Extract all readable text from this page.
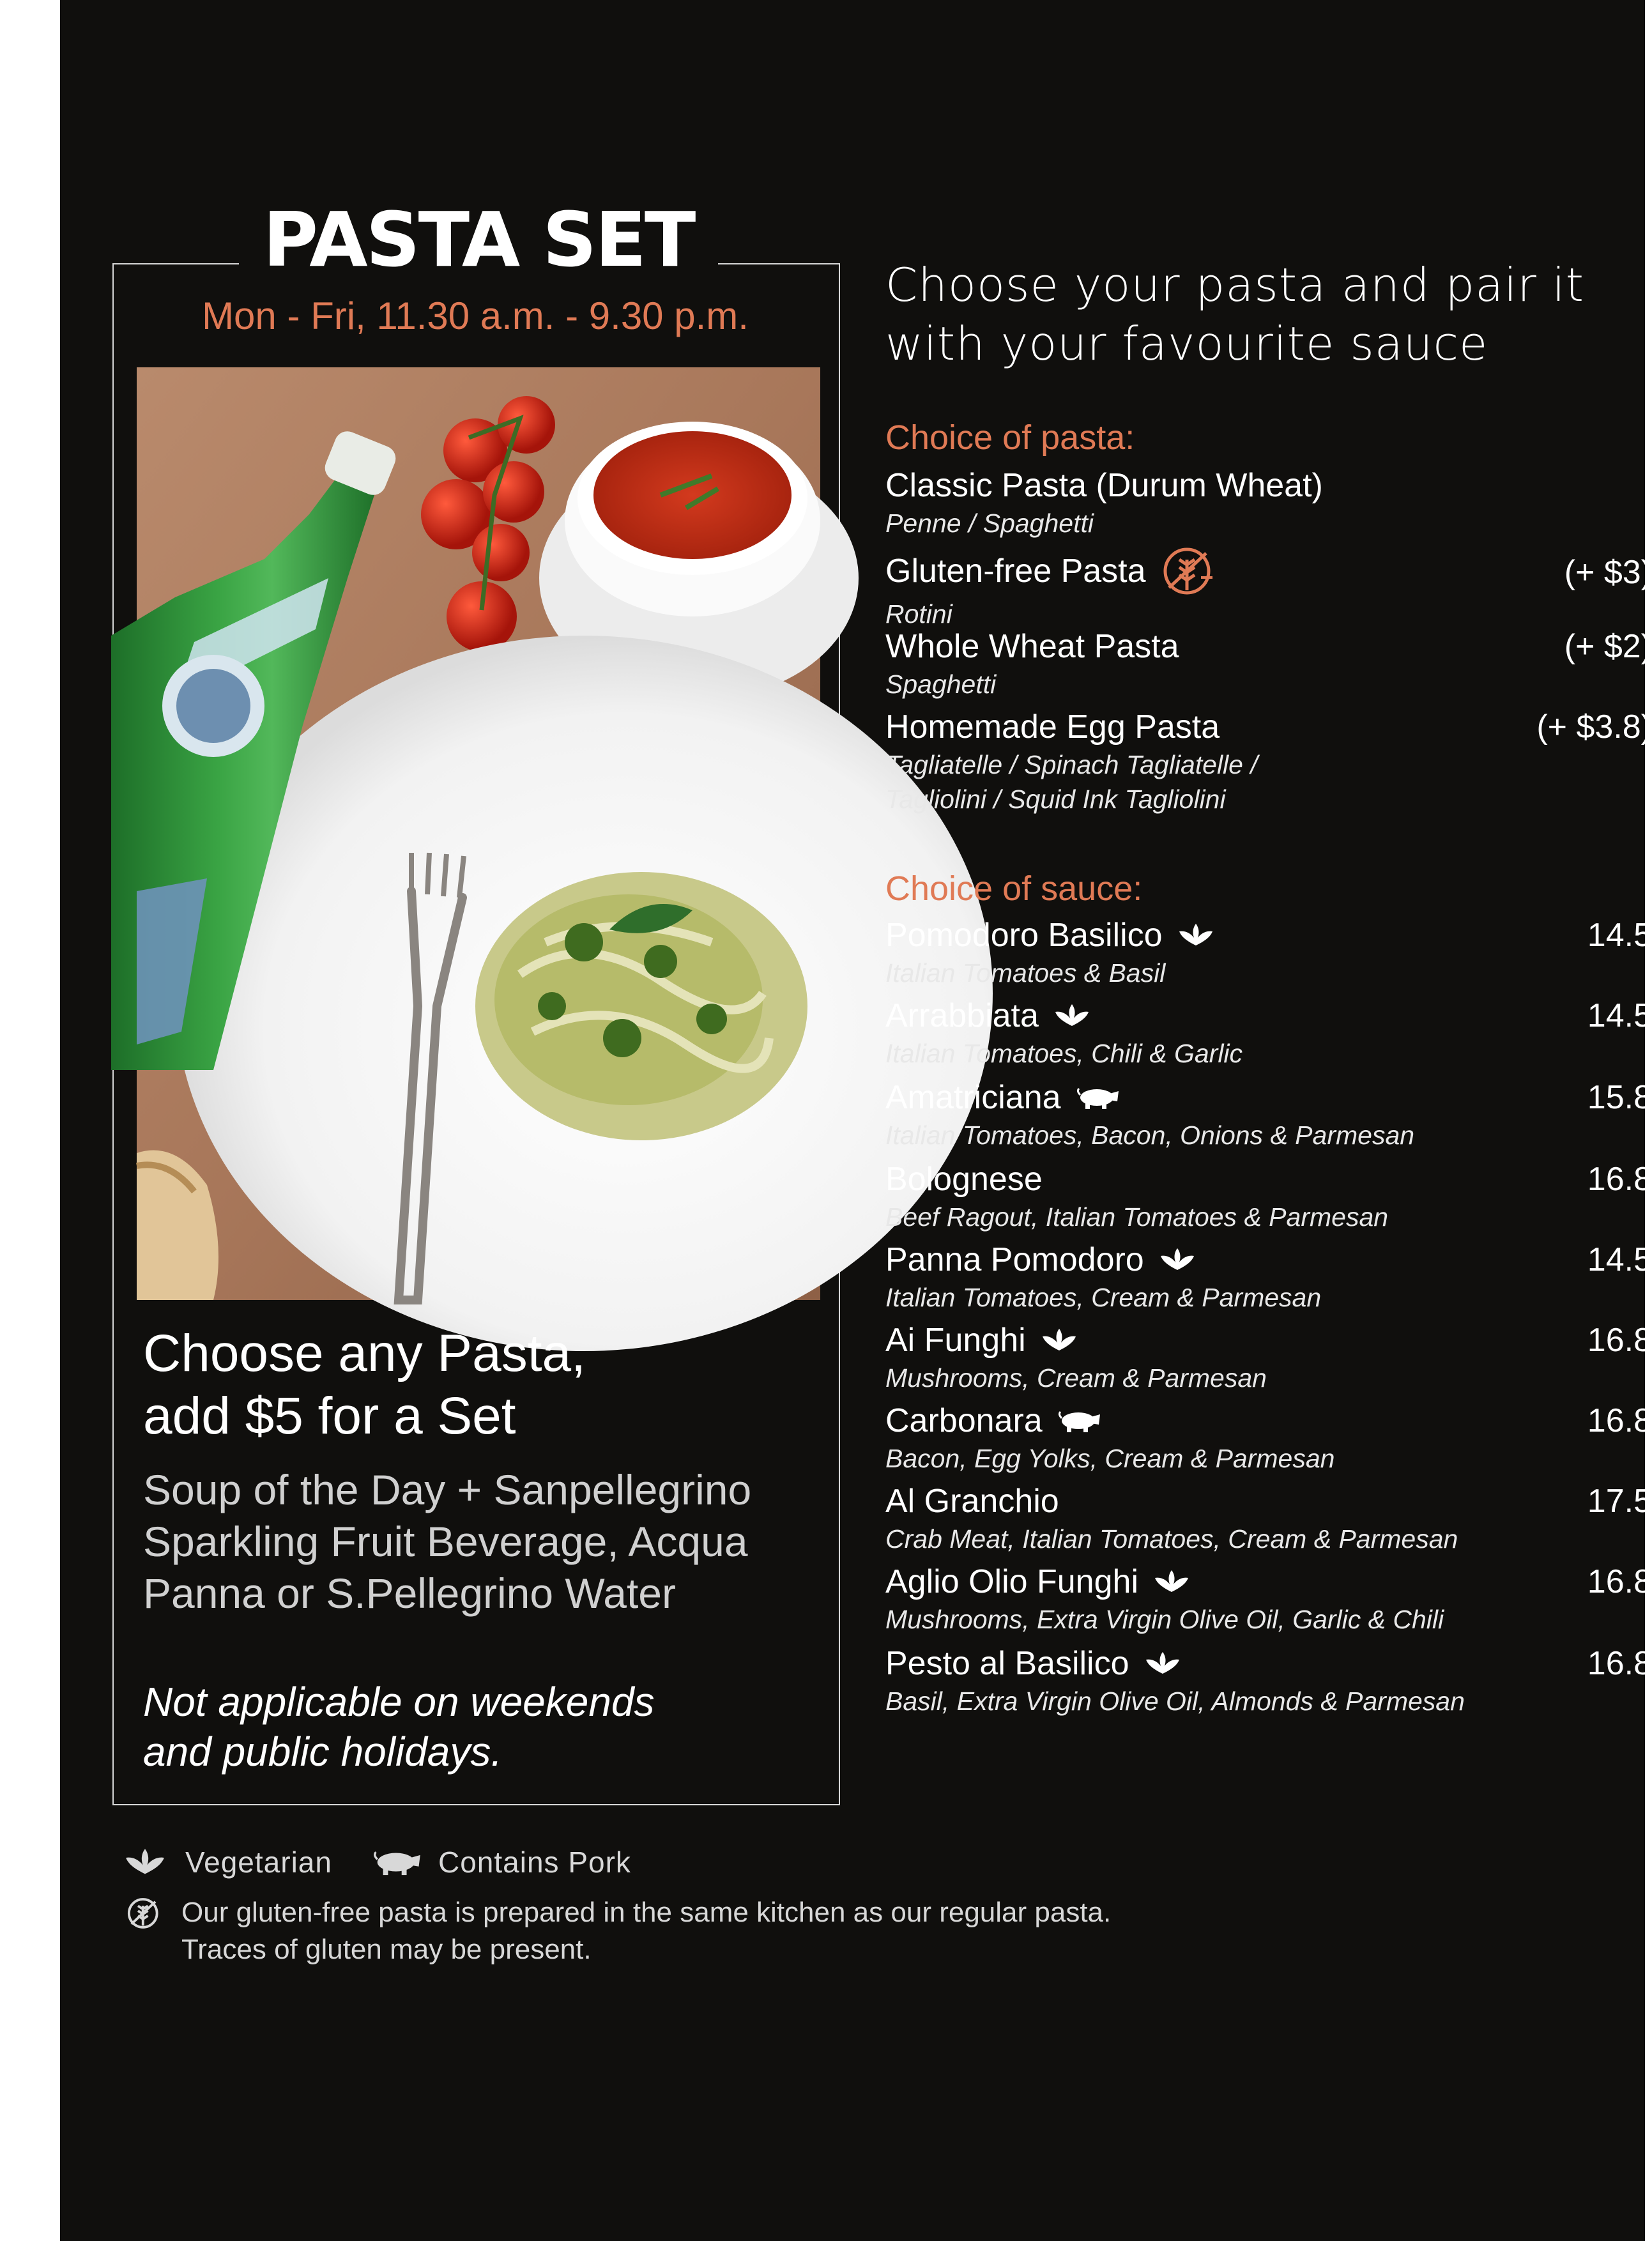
PASTA SET
Mon - Fri, 11.30 a.m. - 9.30 p.m.
Choose any Pasta,
add $5 for a Set
Soup of the Day + Sanpellegrino
Sparkling Fruit Beverage, Acqua
Panna or S.Pellegrino Water
Not applicable on weekends
and public holidays.
Choose your pasta and pair it
with your favourite sauce
Choice of pasta:
Classic Pasta (Durum Wheat)
Penne / Spaghetti
Gluten-free Pasta
Rotini
(+ $3)
Whole Wheat Pasta
Spaghetti
(+ $2)
Homemade Egg Pasta
Tagliatelle / Spinach Tagliatelle /
Tagliolini / Squid Ink Tagliolini
(+ $3.8)
Choice of sauce:
Pomodoro Basilico
Italian Tomatoes & Basil
14.5
Arrabbiata
Italian Tomatoes, Chili & Garlic
14.5
Amatriciana
Italian Tomatoes, Bacon, Onions & Parmesan
15.8
Bolognese
Beef Ragout, Italian Tomatoes & Parmesan
16.8
Panna Pomodoro
Italian Tomatoes, Cream & Parmesan
14.5
Ai Funghi
Mushrooms, Cream & Parmesan
16.8
Carbonara
Bacon, Egg Yolks, Cream & Parmesan
16.8
Al Granchio
Crab Meat, Italian Tomatoes, Cream & Parmesan
17.5
Aglio Olio Funghi
Mushrooms, Extra Virgin Olive Oil, Garlic & Chili
16.8
Pesto al Basilico
Basil, Extra Virgin Olive Oil, Almonds & Parmesan
16.8
Vegetarian	Contains Pork
Our gluten-free pasta is prepared in the same kitchen as our regular pasta.
Traces of gluten may be present.
